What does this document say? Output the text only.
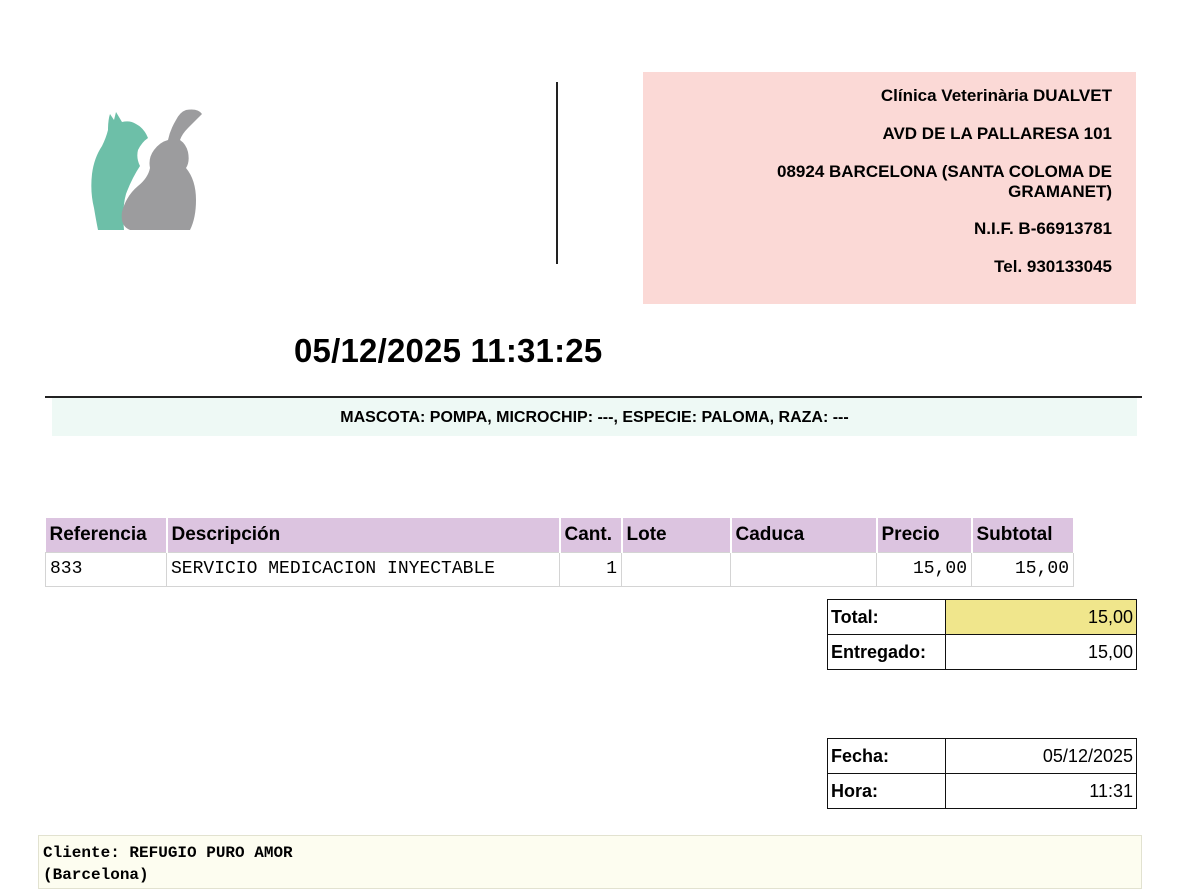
Clínica Veterinària DUALVET
AVD DE LA PALLARESA 101
08924 BARCELONA (SANTA COLOMA DE GRAMANET)
N.I.F. B-66913781
Tel. 930133045
05/12/2025 11:31:25
MASCOTA: POMPA, MICROCHIP: ---, ESPECIE: PALOMA, RAZA: ---
Referencia	Descripción	Cant.	Lote	Caduca	Precio	Subtotal
833	SERVICIO MEDICACION INYECTABLE	1			15,00	15,00
Total:	15,00
Entregado:	15,00
Fecha:	05/12/2025
Hora:	11:31
Cliente: REFUGIO PURO AMOR
(Barcelona)
